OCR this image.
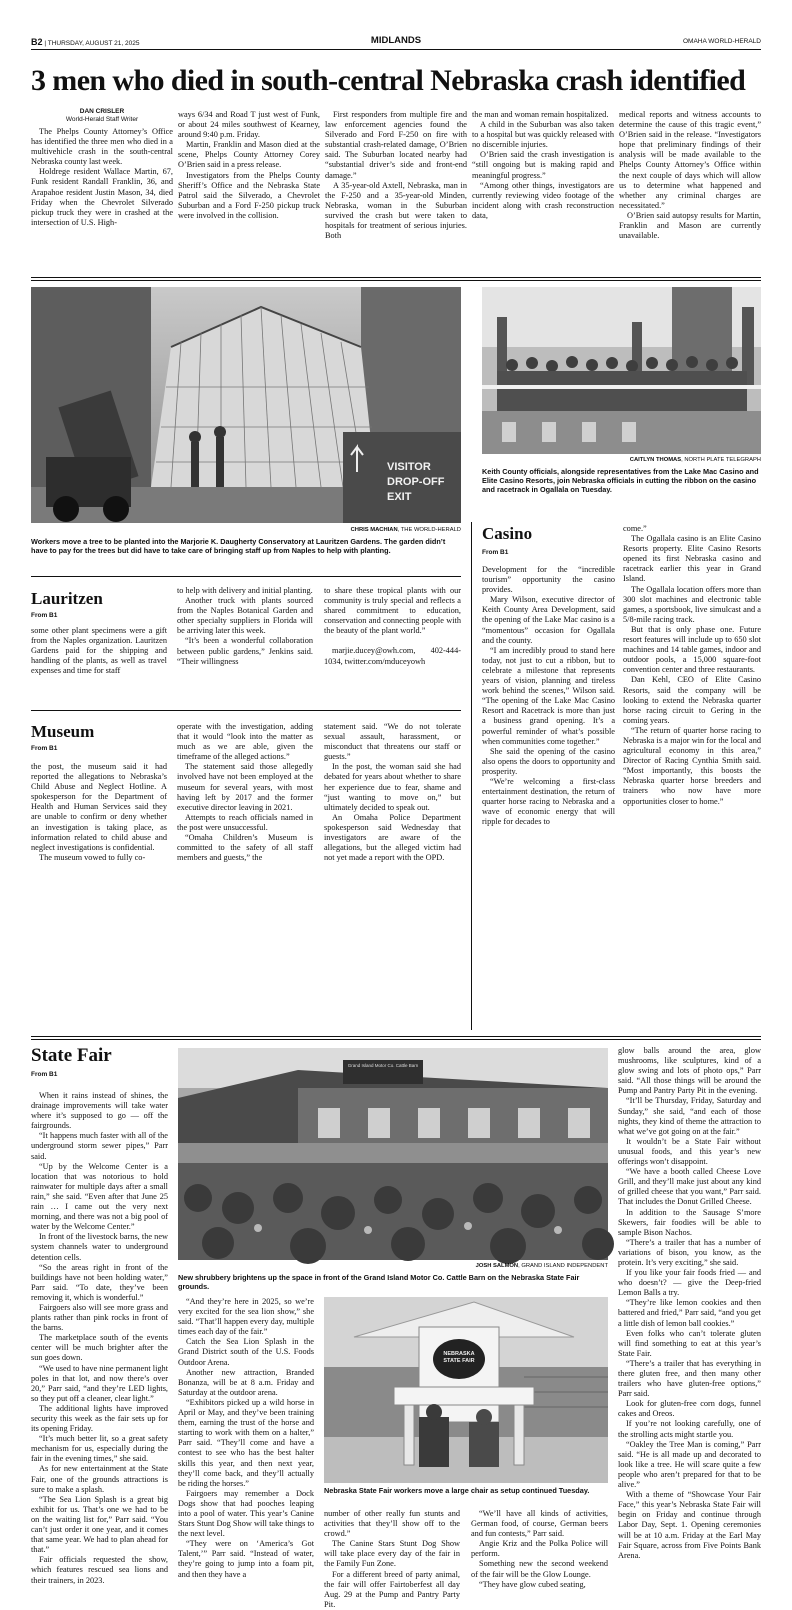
B2 | THURSDAY, AUGUST 21, 2025	MIDLANDS	OMAHA WORLD-HERALD
3 men who died in south-central Nebraska crash identified
DAN CRISLER
World-Herald Staff Writer

The Phelps County Attorney’s Office has identified the three men who died in a multivehicle crash in the south-central Nebraska county last week.

Holdrege resident Wallace Martin, 67, Funk resident Randall Franklin, 36, and Arapahoe resident Justin Mason, 34, died Friday when the Chevrolet Silverado pickup truck they were in crashed at the intersection of U.S. High-

ways 6/34 and Road T just west of Funk, or about 24 miles southwest of Kearney, around 9:40 p.m. Friday.

Martin, Franklin and Mason died at the scene, Phelps County Attorney Corey O’Brien said in a press release.

Investigators from the Phelps County Sheriff’s Office and the Nebraska State Patrol said the Silverado, a Chevrolet Suburban and a Ford F-250 pickup truck were involved in the collision.

First responders from multiple fire and law enforcement agencies found the Silverado and Ford F-250 on fire with substantial crash-related damage, O’Brien said. The Suburban located nearby had “substantial driver’s side and front-end damage.”

A 35-year-old Axtell, Nebraska, man in the F-250 and a 35-year-old Minden, Nebraska, woman in the Suburban survived the crash but were taken to hospitals for treatment of serious injuries. Both

the man and woman remain hospitalized.

A child in the Suburban was also taken to a hospital but was quickly released with no discernible injuries.

O’Brien said the crash investigation is “still ongoing but is making rapid and meaningful progress.”

“Among other things, investigators are currently reviewing video footage of the incident along with crash reconstruction data,

medical reports and witness accounts to determine the cause of this tragic event,” O’Brien said in the release. “Investigators hope that preliminary findings of their analysis will be made available to the Phelps County Attorney’s Office within the next couple of days which will allow us to determine what happened and whether any criminal charges are necessitated.”

O’Brien said autopsy results for Martin, Franklin and Mason are currently unavailable.

VISITOR
DROP-OFF
EXIT
CHRIS MACHIAN, THE WORLD-HERALD
Workers move a tree to be planted into the Marjorie K. Daugherty Conservatory at Lauritzen Gardens. The garden didn’t have to pay for the trees but did have to take care of bringing staff up from Naples to help with planting.
CAITLYN THOMAS, NORTH PLATE TELEGRAPH
Keith County officials, alongside representatives from the Lake Mac Casino and Elite Casino Resorts, join Nebraska officials in cutting the ribbon on the casino and racetrack in Ogallala on Tuesday.
Lauritzen
From B1

some other plant specimens were a gift from the Naples organization. Lauritzen Gardens paid for the shipping and handling of the plants, as well as travel expenses and time for staff

to help with delivery and initial planting.

Another truck with plants sourced from the Naples Botanical Garden and other specialty suppliers in Florida will be arriving later this week.

“It’s been a wonderful collaboration between public gardens,” Jenkins said. “Their willingness

to share these tropical plants with our community is truly special and reflects a shared commitment to education, conservation and connecting people with the beauty of the plant world.”

marjie.ducey@owh.com, 402-444-1034, twitter.com/mduceyowh

Museum
From B1

the post, the museum said it had reported the allegations to Nebraska’s Child Abuse and Neglect Hotline. A spokesperson for the Department of Health and Human Services said they are unable to confirm or deny whether an investigation is taking place, as information related to child abuse and neglect investigations is confidential.

The museum vowed to fully co-

operate with the investigation, adding that it would “look into the matter as much as we are able, given the timeframe of the alleged actions.”

The statement said those allegedly involved have not been employed at the museum for several years, with most having left by 2017 and the former executive director leaving in 2021.

Attempts to reach officials named in the post were unsuccessful.

“Omaha Children’s Museum is committed to the safety of all staff members and guests,” the

statement said. “We do not tolerate sexual assault, harassment, or misconduct that threatens our staff or guests.”

In the post, the woman said she had debated for years about whether to share her experience due to fear, shame and “just wanting to move on,” but ultimately decided to speak out.

An Omaha Police Department spokesperson said Wednesday that investigators are aware of the allegations, but the alleged victim had not yet made a report with the OPD.

Casino
From B1

Development for the “incredible tourism” opportunity the casino provides.

Mary Wilson, executive director of Keith County Area Development, said the opening of the Lake Mac casino is a “momentous” occasion for Ogallala and the county.

“I am incredibly proud to stand here today, not just to cut a ribbon, but to celebrate a milestone that represents years of vision, planning and tireless work behind the scenes,” Wilson said. “The opening of the Lake Mac Casino Resort and Racetrack is more than just a business grand opening. It’s a powerful reminder of what’s possible when communities come together.”

She said the opening of the casino also opens the doors to opportunity and prosperity.

“We’re welcoming a first-class entertainment destination, the return of quarter horse racing to Nebraska and a wave of economic energy that will ripple for decades to

come.”

The Ogallala casino is an Elite Casino Resorts property. Elite Casino Resorts opened its first Nebraska casino and racetrack earlier this year in Grand Island.

The Ogallala location offers more than 300 slot machines and electronic table games, a sportsbook, live simulcast and a 5/8-mile racing track.

But that is only phase one. Future resort features will include up to 650 slot machines and 14 table games, indoor and outdoor pools, a 15,000 square-foot convention center and three restaurants.

Dan Kehl, CEO of Elite Casino Resorts, said the company will be looking to extend the Nebraska quarter horse racing circuit to Gering in the coming years.

“The return of quarter horse racing to Nebraska is a major win for the local and agricultural economy in this area,” Director of Racing Cynthia Smith said. “Most importantly, this boosts the Nebraska quarter horse breeders and trainers who now have more opportunities closer to home.”

State Fair
From B1

When it rains instead of shines, the drainage improvements will take water where it’s supposed to go — off the fairgrounds.

“It happens much faster with all of the underground storm sewer pipes,” Parr said.

“Up by the Welcome Center is a location that was notorious to hold rainwater for multiple days after a small rain,” she said. “Even after that June 25 rain … I came out the very next morning, and there was not a big pool of water by the Welcome Center.”

In front of the livestock barns, the new system channels water to underground detention cells.

“So the areas right in front of the buildings have not been holding water,” Parr said. “To date, they’ve been removing it, which is wonderful.”

Fairgoers also will see more grass and plants rather than pink rocks in front of the barns.

The marketplace south of the events center will be much brighter after the sun goes down.

“We used to have nine permanent light poles in that lot, and now there’s over 20,” Parr said, “and they’re LED lights, so they put off a cleaner, clear light.”

The additional lights have improved security this week as the fair sets up for its opening Friday.

“It’s much better lit, so a great safety mechanism for us, especially during the fair in the evening times,” she said.

As for new entertainment at the State Fair, one of the grounds attractions is sure to make a splash.

“The Sea Lion Splash is a great big exhibit for us. That’s one we had to be on the waiting list for,” Parr said. “You can’t just order it one year, and it comes that same year. We had to plan ahead for that.”

Fair officials requested the show, which features rescued sea lions and their trainers, in 2023.

Grand Island Motor Co. Cattle Barn
JOSH SALMON, GRAND ISLAND INDEPENDENT
New shrubbery brightens up the space in front of the Grand Island Motor Co. Cattle Barn on the Nebraska State Fair grounds.

“And they’re here in 2025, so we’re very excited for the sea lion show,” she said. “That’ll happen every day, multiple times each day of the fair.”

Catch the Sea Lion Splash in the Grand District south of the U.S. Foods Outdoor Arena.

Another new attraction, Branded Bonanza, will be at 8 a.m. Friday and Saturday at the outdoor arena.

“Exhibitors picked up a wild horse in April or May, and they’ve been training them, earning the trust of the horse and starting to work with them on a halter,” Parr said. “They’ll come and have a contest to see who has the best halter skills this year, and then next year, they’ll come back, and they’ll actually be riding the horses.”

Fairgoers may remember a Dock Dogs show that had pooches leaping into a pool of water. This year’s Canine Stars Stunt Dog Show will take things to the next level.

“They were on ‘America’s Got Talent,’” Parr said. “Instead of water, they’re going to jump into a foam pit, and then they have a

NEBRASKA
STATE FAIR
Nebraska State Fair workers move a large chair as setup continued Tuesday.

number of other really fun stunts and activities that they’ll show off to the crowd.”

The Canine Stars Stunt Dog Show will take place every day of the fair in the Family Fun Zone.

For a different breed of party animal, the fair will offer Fairtoberfest all day Aug. 29 at the Pump and Pantry Party Pit.

“We’ll have all kinds of activities, German food, of course, German beers and fun contests,” Parr said.

Angie Kriz and the Polka Police will perform.

Something new the second weekend of the fair will be the Glow Lounge.

“They have glow cubed seating,

glow balls around the area, glow mushrooms, like sculptures, kind of a glow swing and lots of photo ops,” Parr said. “All those things will be around the Pump and Pantry Party Pit in the evening.

“It’ll be Thursday, Friday, Saturday and Sunday,” she said, “and each of those nights, they kind of theme the attraction to what we’ve got going on at the fair.”

It wouldn’t be a State Fair without unusual foods, and this year’s new offerings won’t disappoint.

“We have a booth called Cheese Love Grill, and they’ll make just about any kind of grilled cheese that you want,” Parr said. That includes the Donut Grilled Cheese.

In addition to the Sausage S’more Skewers, fair foodies will be able to sample Bison Nachos.

“There’s a trailer that has a number of variations of bison, you know, as the protein. It’s very exciting,” she said.

If you like your fair foods fried — and who doesn’t? — give the Deep-fried Lemon Balls a try.

“They’re like lemon cookies and then battered and fried,” Parr said, “and you get a little dish of lemon ball cookies.”

Even folks who can’t tolerate gluten will find something to eat at this year’s State Fair.

“There’s a trailer that has everything in there gluten free, and then many other trailers who have gluten-free options,” Parr said.

Look for gluten-free corn dogs, funnel cakes and Oreos.

If you’re not looking carefully, one of the strolling acts might startle you.

“Oakley the Tree Man is coming,” Parr said. “He is all made up and decorated to look like a tree. He will scare quite a few people who aren’t prepared for that to be alive.”

With a theme of “Showcase Your Fair Face,” this year’s Nebraska State Fair will begin on Friday and continue through Labor Day, Sept. 1. Opening ceremonies will be at 10 a.m. Friday at the Earl May Fair Square, across from Five Points Bank Arena.
